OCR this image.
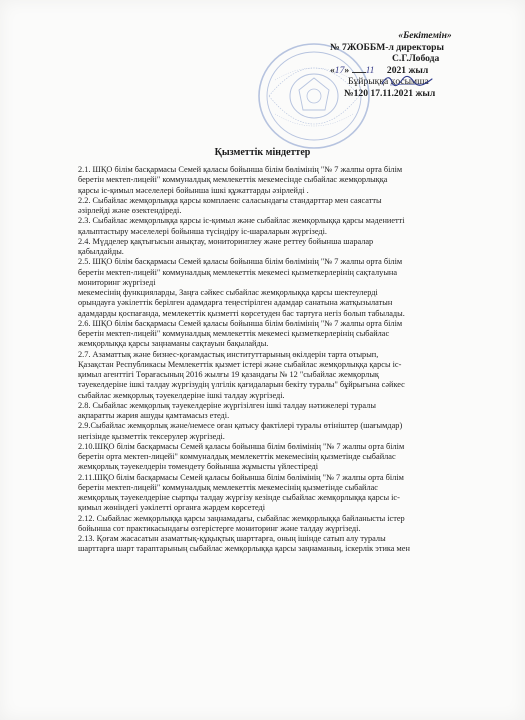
«Бекітемін»
№ 7ЖОББМ-л директоры
С.Г.Лобода
«17» 11 2021 жыл
Бұйрыққа қосымша
№120 17.11.2021 жыл
Қызметтік міндеттер
2.1. ШҚО білім басқармасы Семей қаласы бойынша білім бөлімінің "№ 7 жалпы орта білім
беретін мектеп-лицейі" коммуналдық мемлекеттік мекемесінде сыбайлас жемқорлыққа
қарсы іс-қимыл мәселелері бойынша ішкі құжаттарды әзірлейді .
2.2. Сыбайлас жемқорлыққа қарсы комплаенс саласындағы стандарттар мен саясатты
әзірлейді және өзектендіреді.
2.3. Сыбайлас жемқорлыққа қарсы іс-қимыл және сыбайлас жемқорлыққа қарсы мәдениетті
қалыптастыру мәселелері бойынша түсіндіру іс-шараларын жүргізеді.
2.4. Мүдделер қақтығысын анықтау, мониторинглеу және реттеу бойынша шаралар
қабылдайды.
2.5. ШҚО білім басқармасы Семей қаласы бойынша білім бөлімінің "№ 7 жалпы орта білім
беретін мектеп-лицейі" коммуналдық мемлекеттік мекемесі қызметкерлерінің сақталуына
мониторинг жүргізеді
мекемесінің функцияларды, Заңға сәйкес сыбайлас жемқорлыққа қарсы шектеулерді
орындауға уәкілеттік берілген адамдарға теңестірілген адамдар санатына жатқызылатын
адамдарды қоспағанда, мемлекеттік қызметті көрсетуден бас тартуға негіз болып табылады.
2.6. ШҚО білім басқармасы Семей қаласы бойынша білім бөлімінің "№ 7 жалпы орта білім
беретін мектеп-лицейі" коммуналдық мемлекеттік мекемесі қызметкерлерінің сыбайлас
жемқорлыққа қарсы заңнаманы сақтауын бақылайды.
2.7. Азаматтық және бизнес-қоғамдастық институттарының өкілдерін тарта отырып,
Қазақстан Республикасы Мемлекеттік қызмет істері және сыбайлас жемқорлыққа қарсы іс-
қимыл агенттігі Төрағасының 2016 жылғы 19 қазандағы № 12 "сыбайлас жемқорлық
тәуекелдеріне ішкі талдау жүргізудің үлгілік қағидаларын бекіту туралы" бұйрығына сәйкес
сыбайлас жемқорлық тәуекелдеріне ішкі талдау жүргізеді.
2.8. Сыбайлас жемқорлық тәуекелдеріне жүргізілген ішкі талдау нәтижелері туралы
ақпаратты жария ашуды қамтамасыз етеді.
2.9.Сыбайлас жемқорлық және/немесе оған қатысу фактілері туралы өтініштер (шағымдар)
негізінде қызметтік тексерулер жүргізеді.
2.10.ШҚО білім басқармасы Семей қаласы бойынша білім бөлімінің "№ 7 жалпы орта білім
беретін орта мектеп-лицейі" коммуналдық мемлекеттік мекемесінің қызметінде сыбайлас
жемқорлық тәуекелдерін төмендету бойынша жұмысты үйлестіреді
2.11.ШҚО білім басқармасы Семей қаласы бойынша білім бөлімінің "№ 7 жалпы орта білім
беретін мектеп-лицейі" коммуналдық мемлекеттік мекемесінің қызметінде сыбайлас
жемқорлық тәуекелдеріне сыртқы талдау жүргізу кезінде сыбайлас жемқорлыққа қарсы іс-
қимыл жөніндегі уәкілетті органға жәрдем көрсетеді
2.12. Сыбайлас жемқорлыққа қарсы заңнамадағы, сыбайлас жемқорлыққа байланысты істер
бойынша сот практикасындағы өзгерістерге мониторинг және талдау жүргізеді.
2.13. Қоғам жасасатын азаматтық-құқықтық шарттарға, оның ішінде сатып алу туралы
шарттарға шарт тараптарының сыбайлас жемқорлыққа қарсы заңнаманың, іскерлік этика мен
